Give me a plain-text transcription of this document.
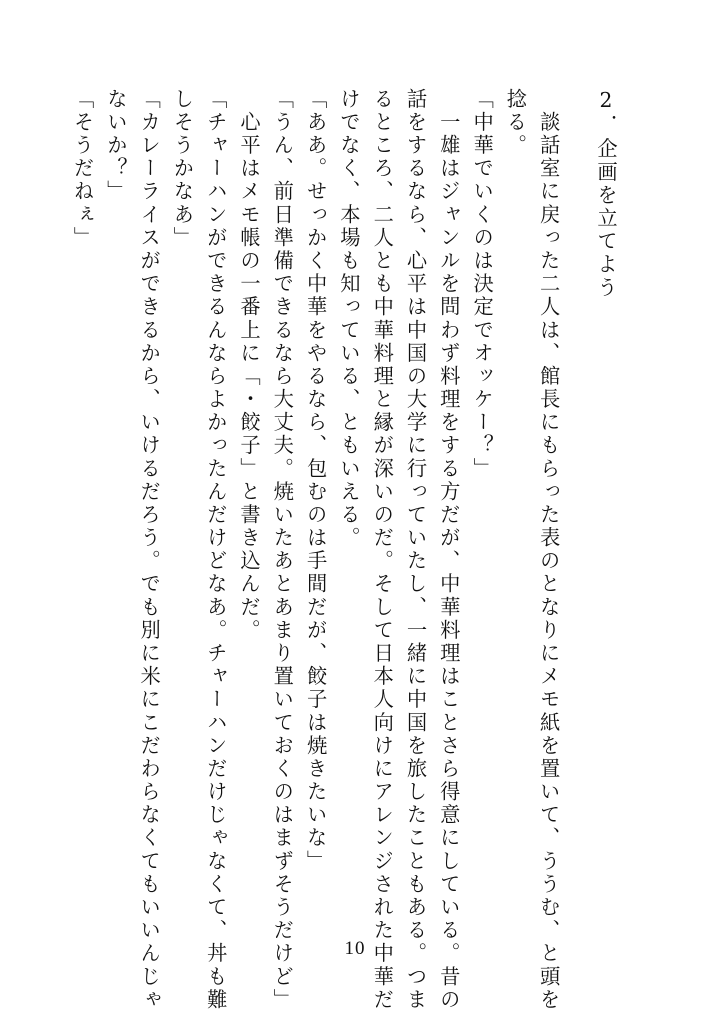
2．企画を立てよう
　談話室に戻った二人は、館長にもらった表のとなりにメモ紙を置いて、ううむ、と頭を
捻る。
「中華でいくのは決定でオッケー？」
　一雄はジャンルを問わず料理をする方だが、中華料理はことさら得意にしている。昔の
話をするなら、心平は中国の大学に行っていたし、一緒に中国を旅したこともある。つま
るところ、二人とも中華料理と縁が深いのだ。そして日本人向けにアレンジされた中華だ
けでなく、本場も知っている、ともいえる。
「ああ。せっかく中華をやるなら、包むのは手間だが、餃子は焼きたいな」
「うん、前日準備できるなら大丈夫。焼いたあとあまり置いておくのはまずそうだけど」
　心平はメモ帳の一番上に「・餃子」と書き込んだ。
「チャーハンができるんならよかったんだけどなあ。チャーハンだけじゃなくて、丼も難
しそうかなあ」
「カレーライスができるから、いけるだろう。でも別に米にこだわらなくてもいいんじゃ
ないか？」
「そうだねぇ」
10
